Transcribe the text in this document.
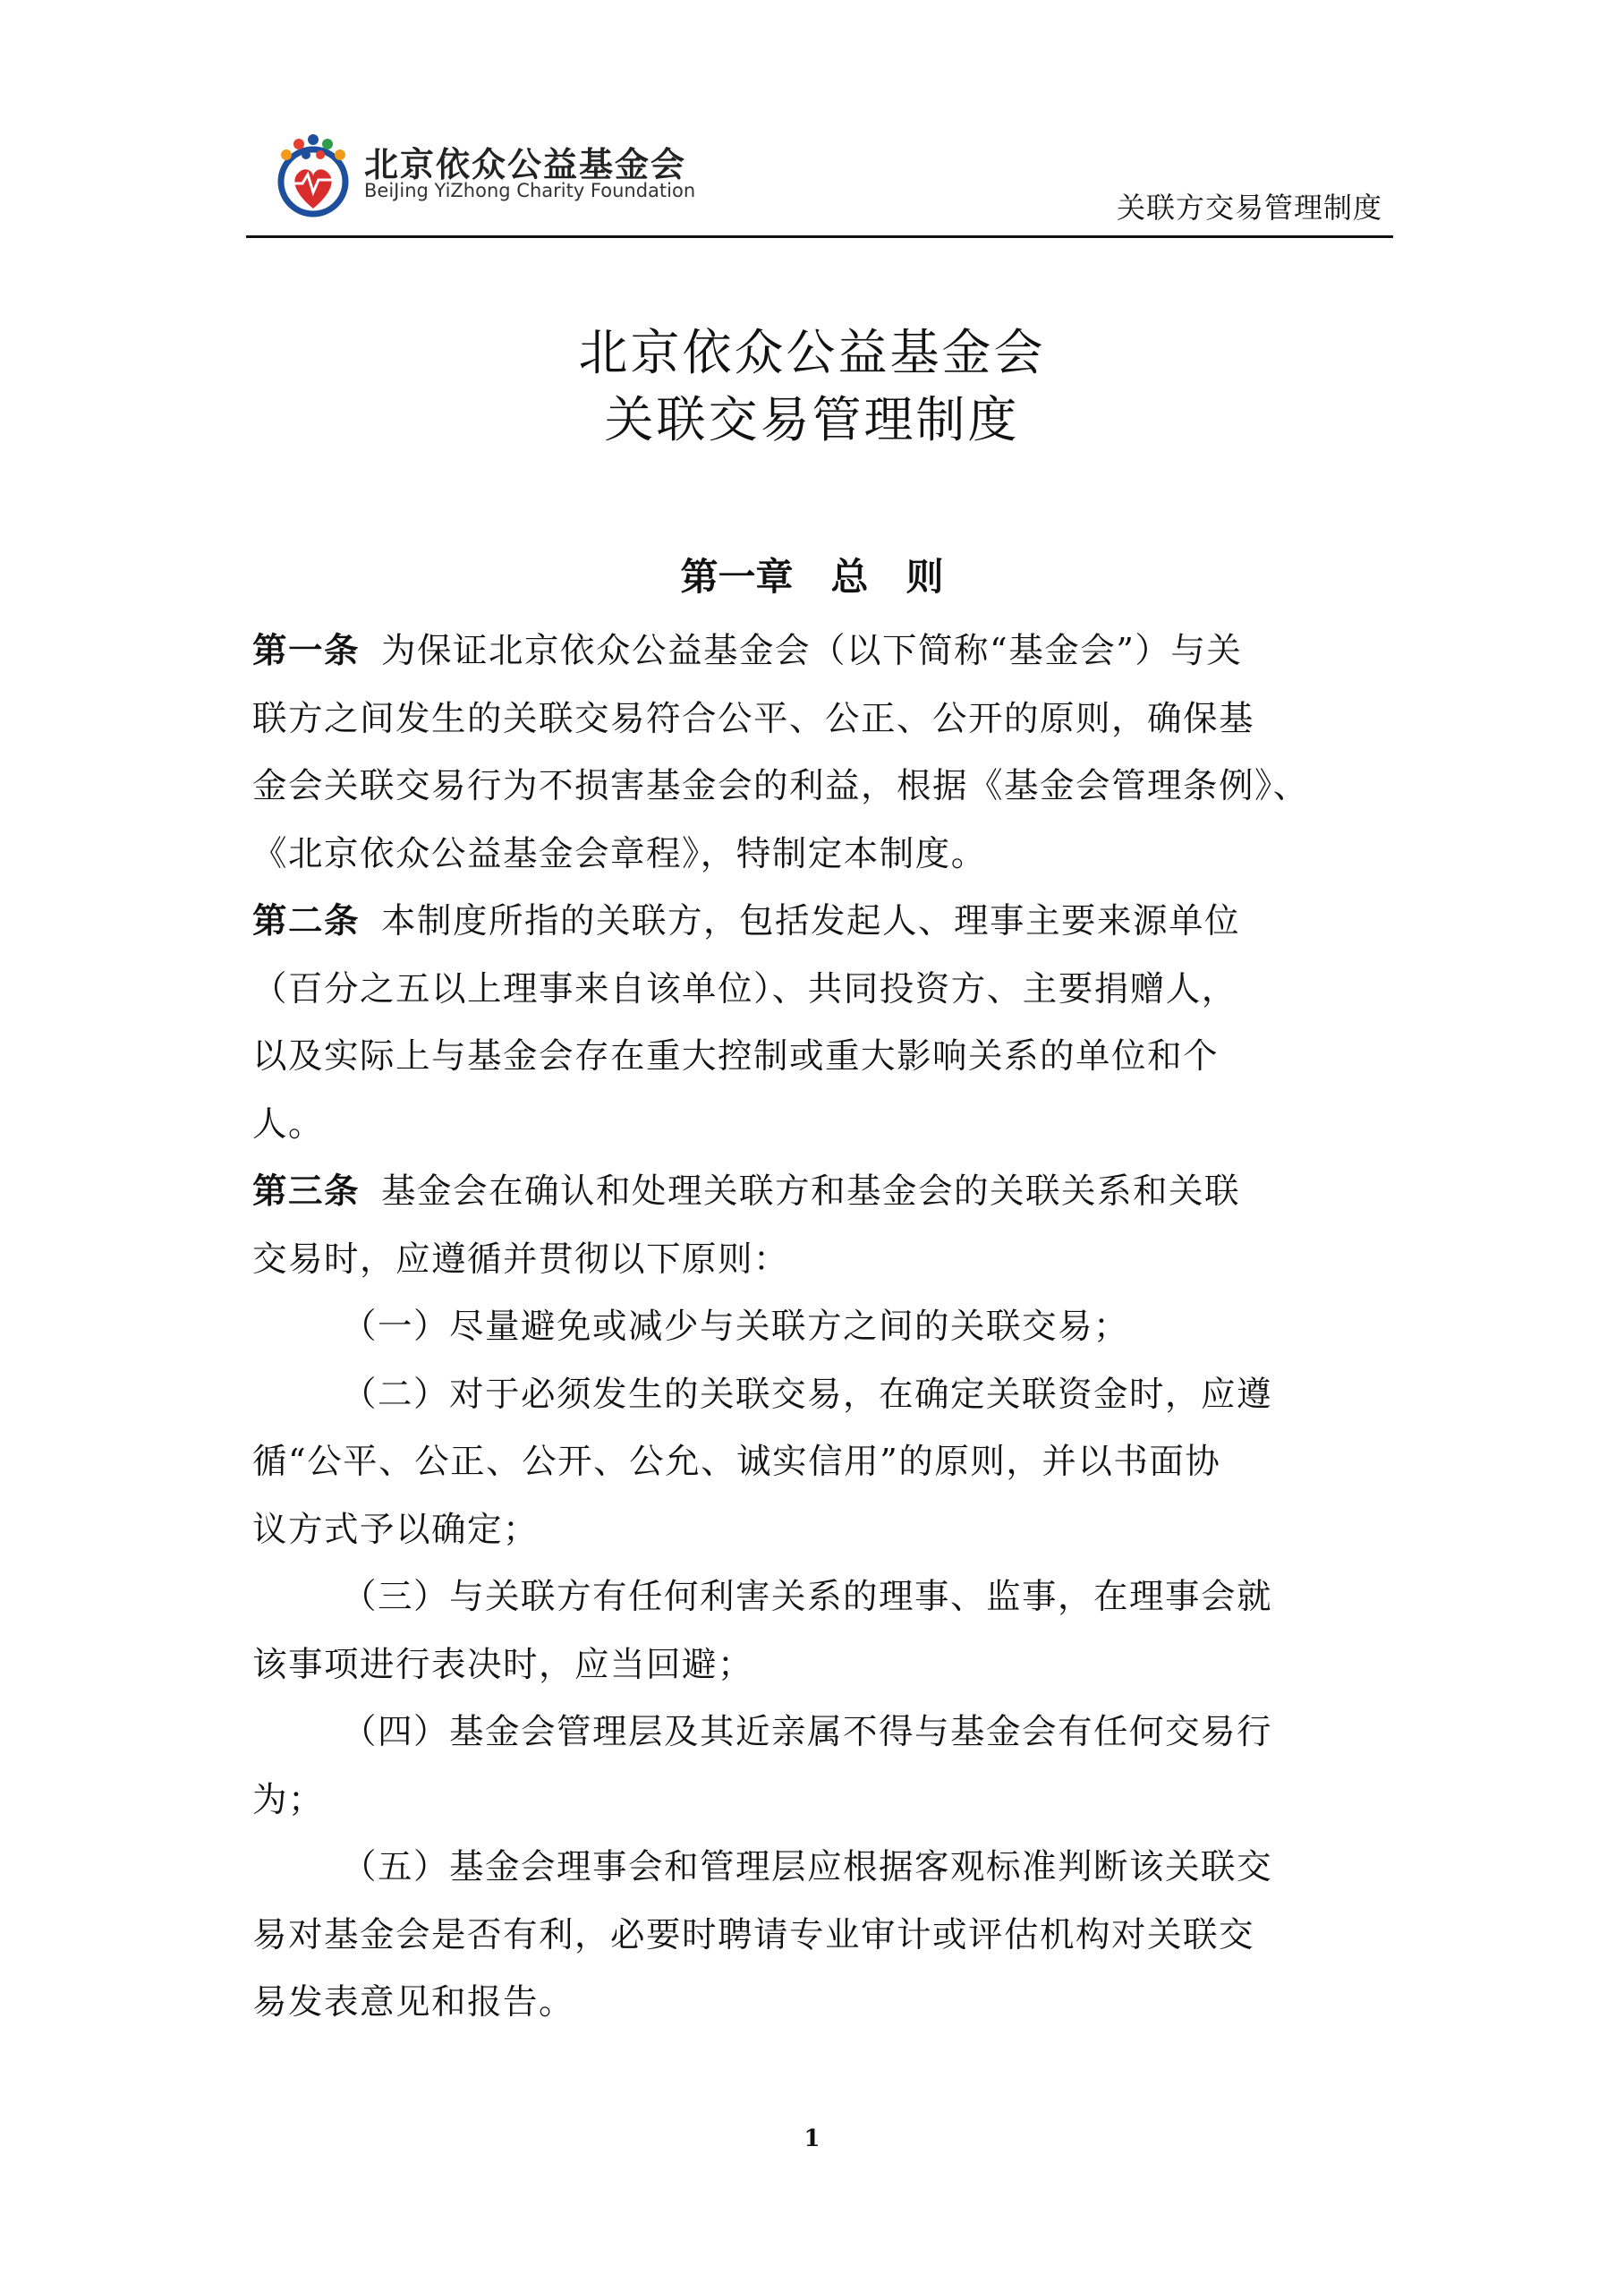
北京依众公益基金会
BeiJing YiZhong Charity Foundation	关联方交易管理制度
北京依众公益基金会
关联交易管理制度
第一章　总　则
第一条 为保证北京依众公益基金会（以下简称“基金会”）与关
联方之间发生的关联交易符合公平、公正、公开的原则，确保基
金会关联交易行为不损害基金会的利益，根据《基金会管理条例》、
《北京依众公益基金会章程》，特制定本制度。
第二条 本制度所指的关联方，包括发起人、理事主要来源单位
（百分之五以上理事来自该单位）、共同投资方、主要捐赠人，
以及实际上与基金会存在重大控制或重大影响关系的单位和个
人。
第三条 基金会在确认和处理关联方和基金会的关联关系和关联
交易时，应遵循并贯彻以下原则：
（一）尽量避免或减少与关联方之间的关联交易；
（二）对于必须发生的关联交易，在确定关联资金时，应遵
循“公平、公正、公开、公允、诚实信用”的原则，并以书面协
议方式予以确定；
（三）与关联方有任何利害关系的理事、监事，在理事会就
该事项进行表决时，应当回避；
（四）基金会管理层及其近亲属不得与基金会有任何交易行
为；
（五）基金会理事会和管理层应根据客观标准判断该关联交
易对基金会是否有利，必要时聘请专业审计或评估机构对关联交
易发表意见和报告。
1
